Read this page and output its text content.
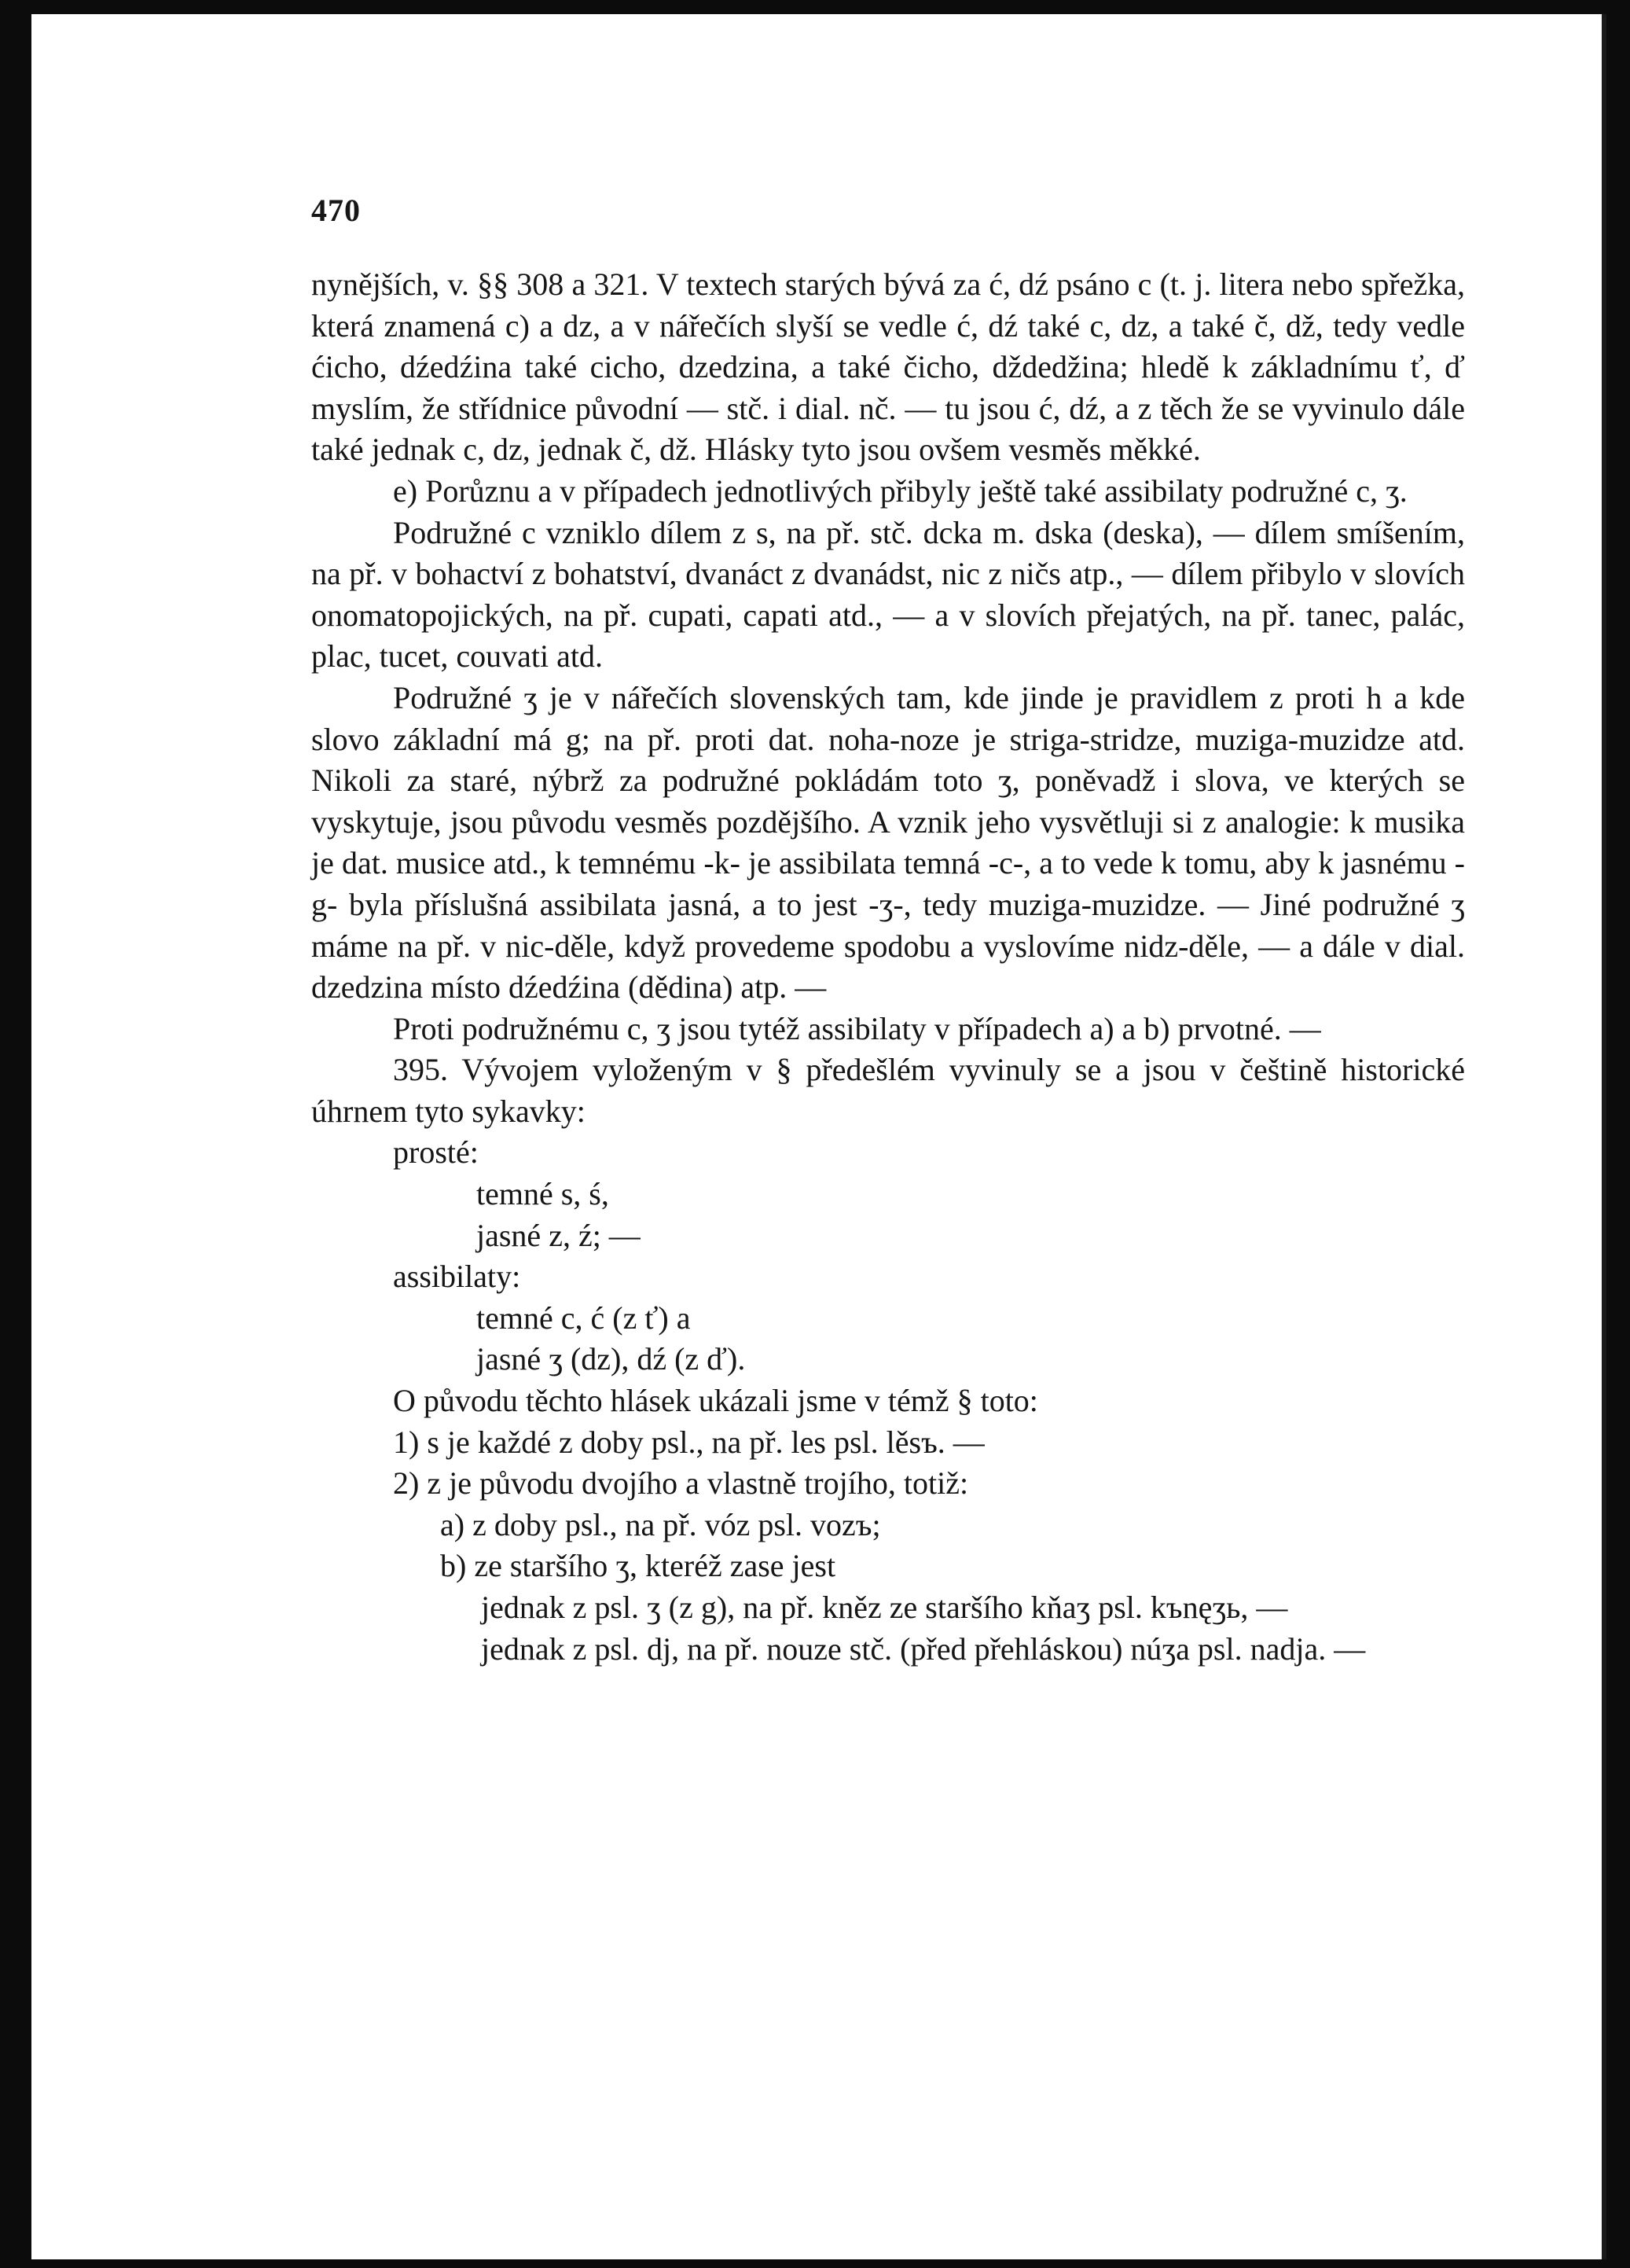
470
nynějších, v. §§ 308 a 321. V textech starých bývá za ć, dź psáno c (t. j. litera nebo spřežka, která znamená c) a dz, a v nářečích slyší se vedle ć, dź také c, dz, a také č, dž, tedy vedle ćicho, dźedźina také cicho, dzedzina, a také čicho, dždedžina; hledě k základnímu ť, ď myslím, že střídnice původní — stč. i dial. nč. — tu jsou ć, dź, a z těch že se vyvinulo dále také jednak c, dz, jednak č, dž. Hlásky tyto jsou ovšem vesměs měkké.
e) Porůznu a v případech jednotlivých přibyly ještě také assibilaty podružné c, ʒ.
Podružné c vzniklo dílem z s, na př. stč. dcka m. dska (deska), — dílem smíšením, na př. v bohactví z bohatství, dvanáct z dvanádst, nic z ničs atp., — dílem přibylo v slovích onomatopojických, na př. cupati, capati atd., — a v slovích přejatých, na př. tanec, palác, plac, tucet, couvati atd.
Podružné ʒ je v nářečích slovenských tam, kde jinde je pravidlem z proti h a kde slovo základní má g; na př. proti dat. noha-noze je striga-stridze, muziga-muzidze atd. Nikoli za staré, nýbrž za podružné pokládám toto ʒ, poněvadž i slova, ve kterých se vyskytuje, jsou původu vesměs pozdějšího. A vznik jeho vysvětluji si z analogie: k musika je dat. musice atd., k temnému -k- je assibilata temná -c-, a to vede k tomu, aby k jasnému -g- byla příslušná assibilata jasná, a to jest -ʒ-, tedy muziga-muzidze. — Jiné podružné ʒ máme na př. v nic-děle, když provedeme spodobu a vyslovíme nidz-děle, — a dále v dial. dzedzina místo dźedźina (dědina) atp. —
Proti podružnému c, ʒ jsou tytéž assibilaty v případech a) a b) prvotné. —
395. Vývojem vyloženým v § předešlém vyvinuly se a jsou v češtině historické úhrnem tyto sykavky:
prosté:
temné s, ś,
jasné z, ź; —
assibilaty:
temné c, ć (z ť) a
jasné ʒ (dz), dź (z ď).
O původu těchto hlásek ukázali jsme v témž § toto:
1) s je každé z doby psl., na př. les psl. lěsъ. —
2) z je původu dvojího a vlastně trojího, totiž:
a) z doby psl., na př. vóz psl. vozъ;
b) ze staršího ʒ, kteréž zase jest
jednak z psl. ʒ (z g), na př. kněz ze staršího kňaʒ psl. kъnęʒь, —
jednak z psl. dj, na př. nouze stč. (před přehláskou) núʒa psl. nadja. —
